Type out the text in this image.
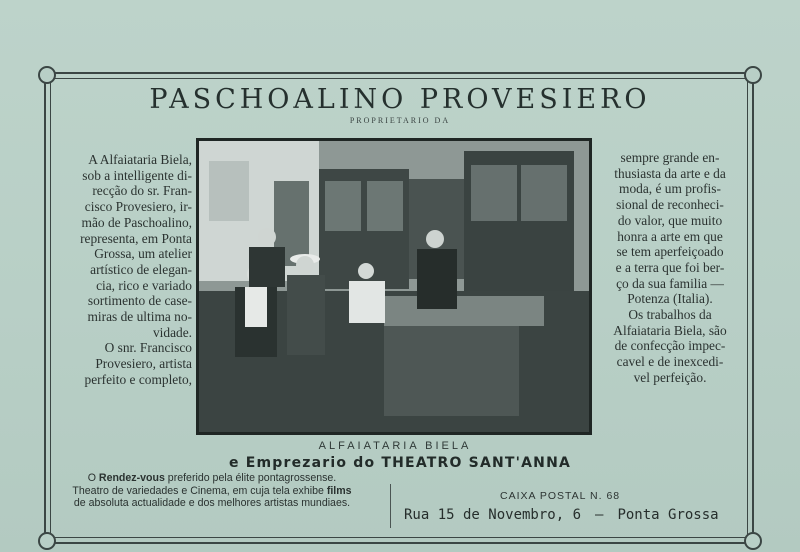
PASCHOALINO PROVESIERO
PROPRIETARIO DA

A Alfaiataria Biela,

sob a intelligente di-

recção do sr. Fran-

cisco Provesiero, ir-

mão de Paschoalino,

representa, em Ponta

Grossa, um atelier

artístico de elegan-

cia, rico e variado

sortimento de case-

miras de ultima no-

vidade.

O snr. Francisco

Provesiero, artista

perfeito e completo,

sempre grande en-

thusiasta da arte e da

moda, é um profis-

sional de reconheci-

do valor, que muito

honra a arte em que

se tem aperfeiçoado

e a terra que foi ber-

ço da sua familia —

Potenza (Italia).

Os trabalhos da

Alfaiataria Biela, são

de confecção impec-

cavel e de inexcedi-

vel perfeição.

ALFAIATARIA BIELA
e Emprezario do THEATRO SANT'ANNA
O Rendez-vous preferido pela élite pontagrossense.
Theatro de variedades e Cinema, em cuja tela exhibe films
de absoluta actualidade e dos melhores artistas mundiaes.
CAIXA POSTAL N. 68
Rua 15 de Novembro, 6 — Ponta Grossa
